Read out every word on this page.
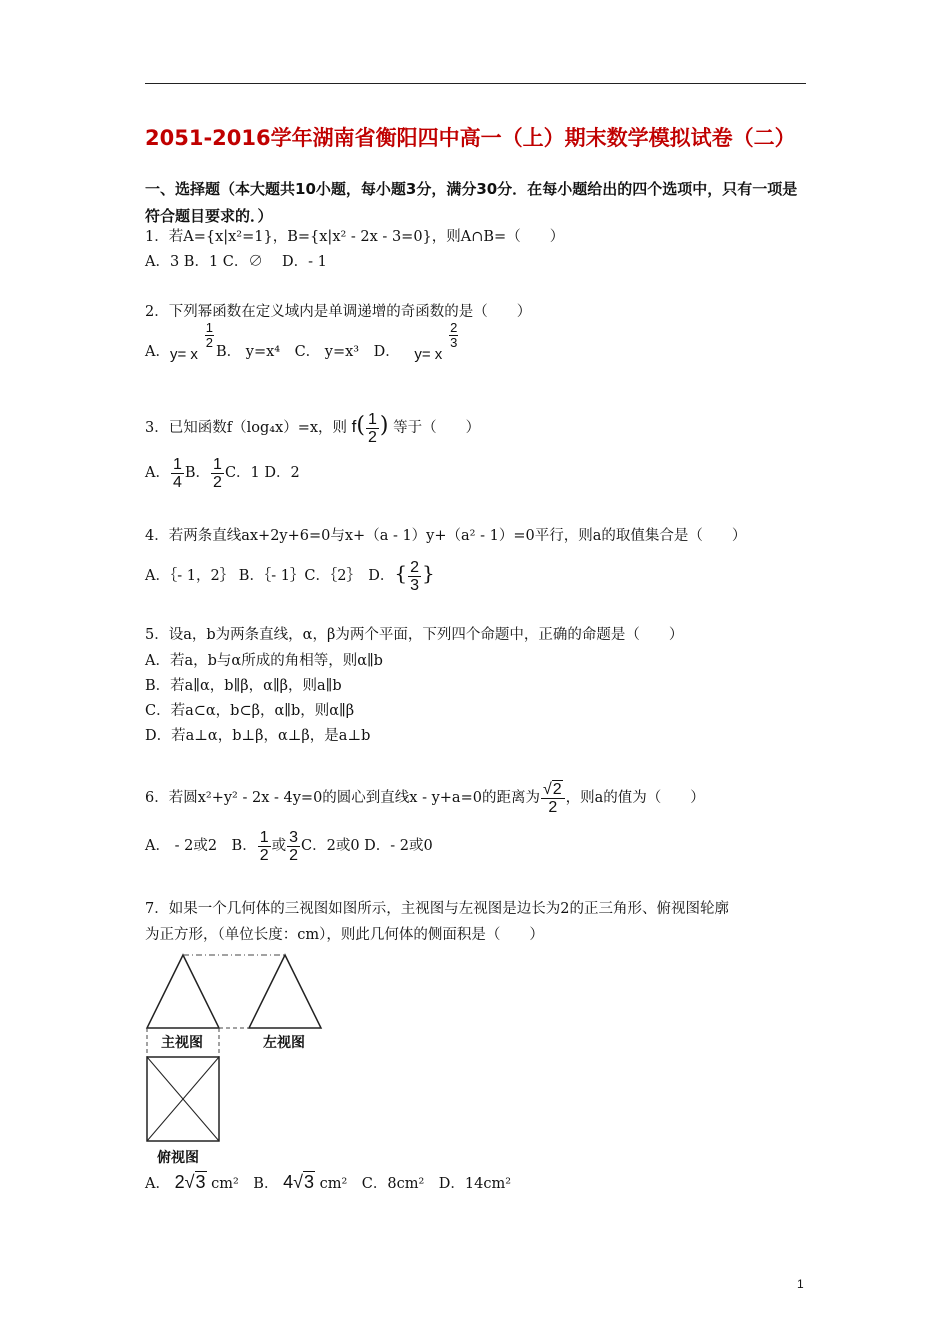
2051-2016学年湖南省衡阳四中高一（上）期末数学模拟试卷（二）
一、选择题（本大题共10小题，每小题3分，满分30分．在每小题给出的四个选项中，只有一项是符合题目要求的．）
1．若A={x|x²=1}，B={x|x² - 2x - 3=0}，则A∩B=（　　）
A．3 B．1 C．∅　 D．- 1
2．下列幂函数在定义域内是单调递增的奇函数的是（　　）
A． y= x
$\frac{1}{2}$
B． y=x⁴　C． y=x³　D． y= x
$\frac{2}{3}$
3．已知函数f（log₄x）=x，则 $f( \frac{1}{2}$ ) 等于（　　）
A． $\frac{1}{4}$ B． $\frac{1}{2}$ C．1 D．2
4．若两条直线ax+2y+6=0与x+（a - 1）y+（a² - 1）=0平行，则a的取值集合是（　　）
A．｛- 1，2｝ B．｛- 1｝C．｛2｝　D．{ $\frac{2}{3}$ }
5．设a，b为两条直线，α，β为两个平面，下列四个命题中，正确的命题是（　　）
A．若a，b与α所成的角相等，则α∥b
B．若a∥α，b∥β，α∥β，则a∥b
C．若a⊂α，b⊂β，α∥b，则α∥β
D．若a⊥α，b⊥β，α⊥β，是a⊥b
6．若圆x²+y² - 2x - 4y=0的圆心到直线x - y+a=0的距离为 $\frac{√2}{2}$ ，则a的值为（　　）
A． - 2或2　B． $\frac{1}{2}$ 或 $\frac{3}{2}$ C．2或0 D．- 2或0
7．如果一个几何体的三视图如图所示，主视图与左视图是边长为2的正三角形、俯视图轮廓
为正方形，（单位长度：cm），则此几何体的侧面积是（　　）
主视图	左视图
俯视图
A． 2√3 cm²　B． 4√3 cm²　C．8cm²　D．14cm²
1
